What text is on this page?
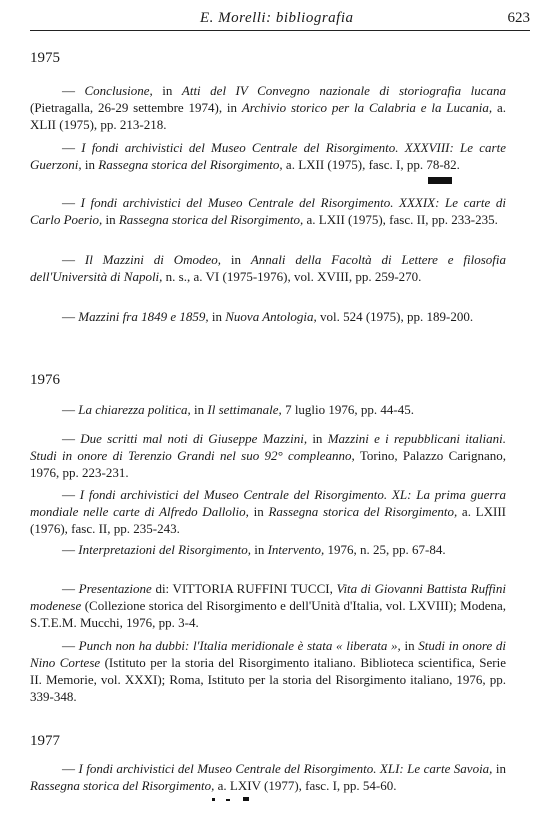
E. Morelli: bibliografia	623
1975

— Conclusione, in Atti del IV Convegno nazionale di storiografia lucana (Pietragalla, 26-29 settembre 1974), in Archivio storico per la Calabria e la Lucania, a. XLII (1975), pp. 213-218.

— I fondi archivistici del Museo Centrale del Risorgimento. XXXVIII: Le carte Guerzoni, in Rassegna storica del Risorgimento, a. LXII (1975), fasc. I, pp. 78-82.

— I fondi archivistici del Museo Centrale del Risorgimento. XXXIX: Le carte di Carlo Poerio, in Rassegna storica del Risorgimento, a. LXII (1975), fasc. II, pp. 233-235.

— Il Mazzini di Omodeo, in Annali della Facoltà di Lettere e filosofia dell'Università di Napoli, n. s., a. VI (1975-1976), vol. XVIII, pp. 259-270.

— Mazzini fra 1849 e 1859, in Nuova Antologia, vol. 524 (1975), pp. 189-200.

1976

— La chiarezza politica, in Il settimanale, 7 luglio 1976, pp. 44-45.

— Due scritti mal noti di Giuseppe Mazzini, in Mazzini e i repubblicani italiani. Studi in onore di Terenzio Grandi nel suo 92° compleanno, Torino, Palazzo Carignano, 1976, pp. 223-231.

— I fondi archivistici del Museo Centrale del Risorgimento. XL: La prima guerra mondiale nelle carte di Alfredo Dallolio, in Rassegna storica del Risorgimento, a. LXIII (1976), fasc. II, pp. 235-243.

— Interpretazioni del Risorgimento, in Intervento, 1976, n. 25, pp. 67-84.

— Presentazione di: VITTORIA RUFFINI TUCCI, Vita di Giovanni Battista Ruffini modenese (Collezione storica del Risorgimento e dell'Unità d'Italia, vol. LXVIII); Modena, S.T.E.M. Mucchi, 1976, pp. 3-4.

— Punch non ha dubbi: l'Italia meridionale è stata « liberata », in Studi in onore di Nino Cortese (Istituto per la storia del Risorgimento italiano. Biblioteca scientifica, Serie II. Memorie, vol. XXXI); Roma, Istituto per la storia del Risorgimento italiano, 1976, pp. 339-348.

1977

— I fondi archivistici del Museo Centrale del Risorgimento. XLI: Le carte Savoia, in Rassegna storica del Risorgimento, a. LXIV (1977), fasc. I, pp. 54-60.
